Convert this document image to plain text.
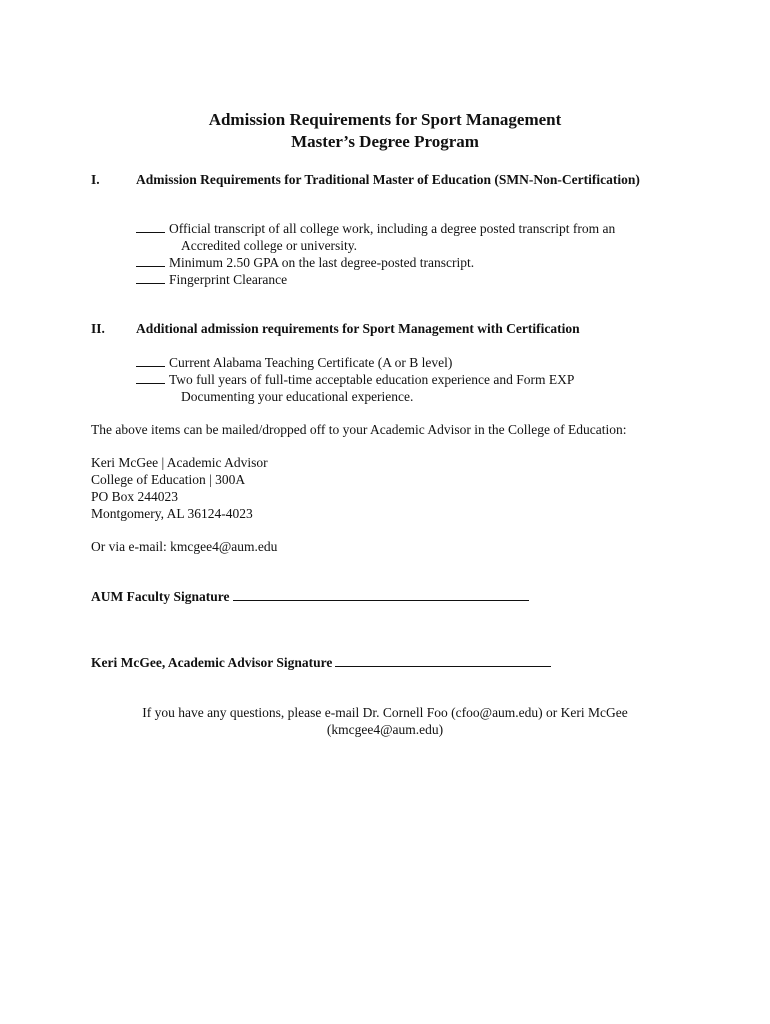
Admission Requirements for Sport Management
Master’s Degree Program
I.	Admission Requirements for Traditional Master of Education (SMN-Non-Certification)
Official transcript of all college work, including a degree posted transcript from an
Accredited college or university.
Minimum 2.50 GPA on the last degree-posted transcript.
Fingerprint Clearance
II. Additional admission requirements for Sport Management with Certification
Current Alabama Teaching Certificate (A or B level)
Two full years of full-time acceptable education experience and Form EXP
Documenting your educational experience.
The above items can be mailed/dropped off to your Academic Advisor in the College of Education:
Keri McGee | Academic Advisor
College of Education | 300A
PO Box 244023
Montgomery, AL 36124-4023
Or via e-mail: kmcgee4@aum.edu
AUM Faculty Signature
Keri McGee, Academic Advisor Signature
If you have any questions, please e-mail Dr. Cornell Foo (cfoo@aum.edu) or Keri McGee
(kmcgee4@aum.edu)
